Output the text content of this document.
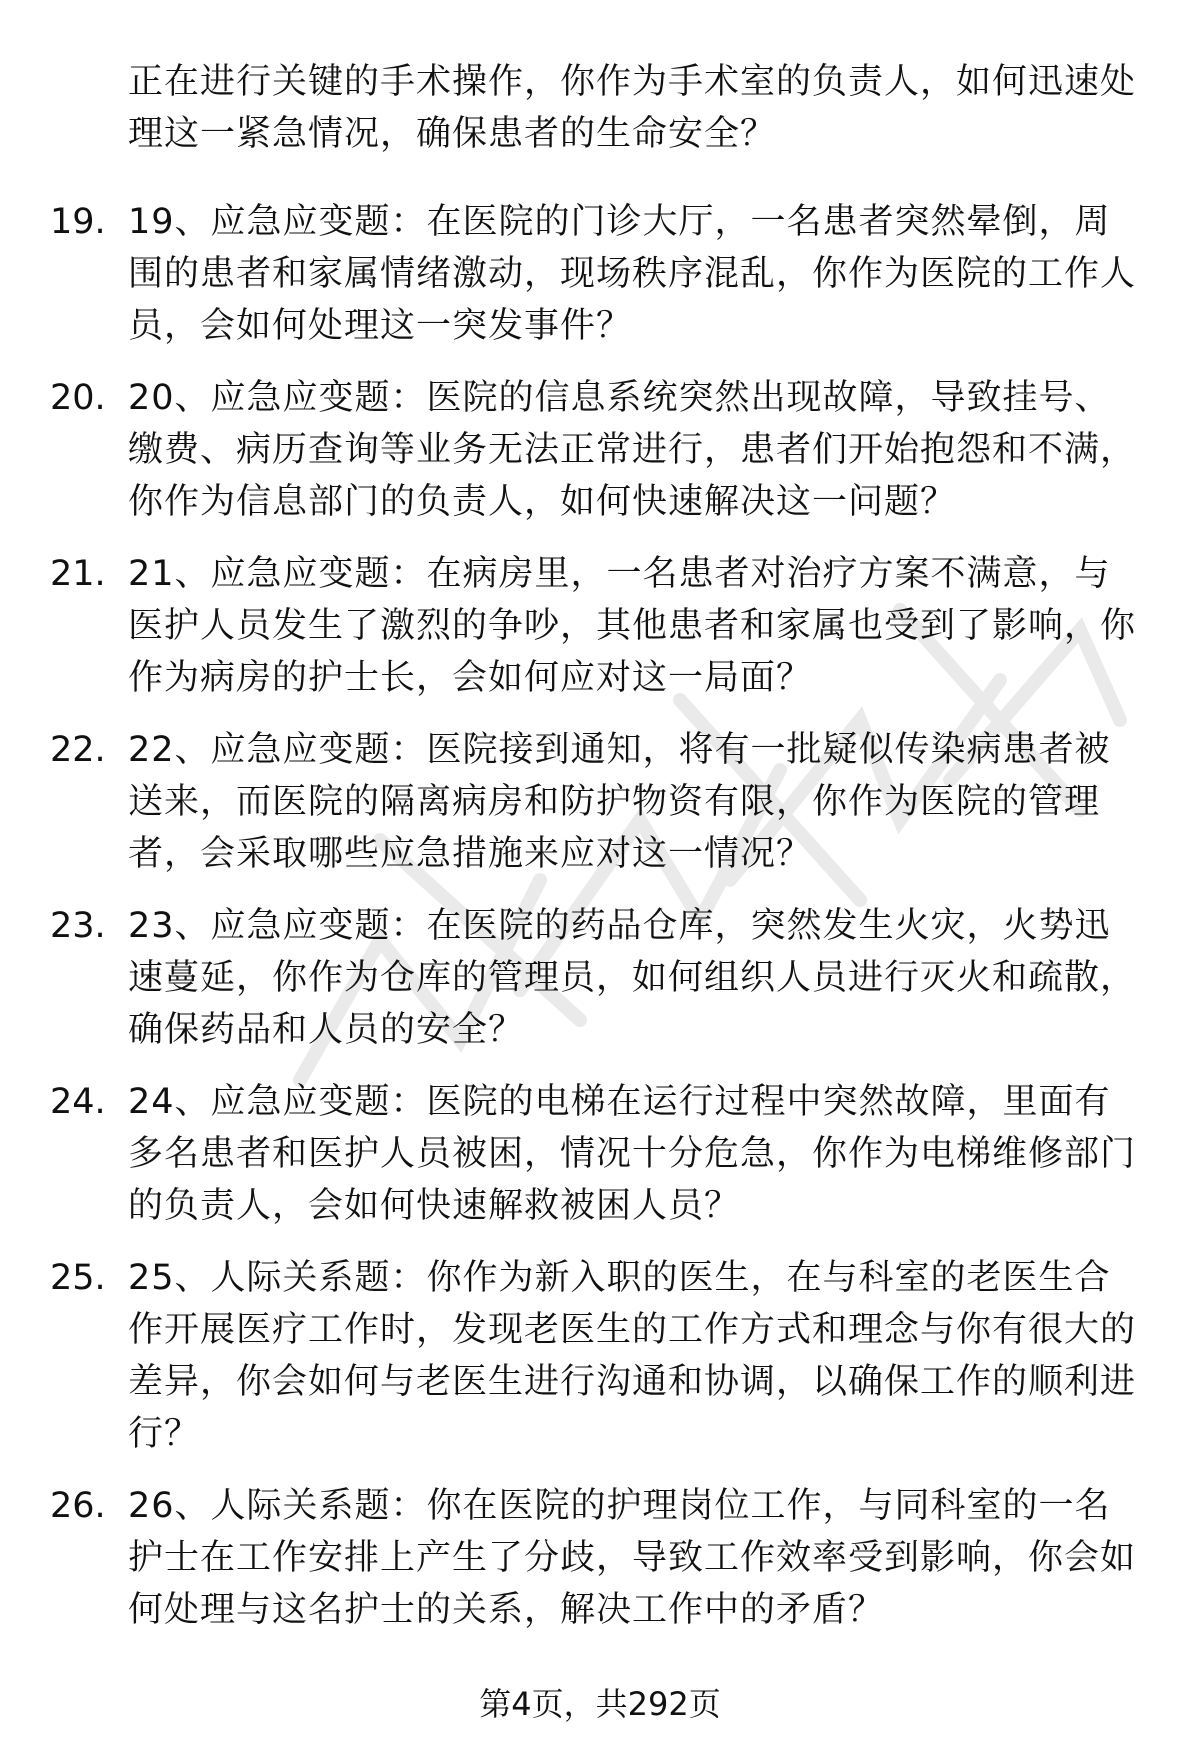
正在进行关键的手术操作，你作为手术室的负责人，如何迅速处理这一紧急情况，确保患者的生命安全？
19. 19、应急应变题：在医院的门诊大厅，一名患者突然晕倒，周围的患者和家属情绪激动，现场秩序混乱，你作为医院的工作人员，会如何处理这一突发事件？
20. 20、应急应变题：医院的信息系统突然出现故障，导致挂号、缴费、病历查询等业务无法正常进行，患者们开始抱怨和不满，你作为信息部门的负责人，如何快速解决这一问题？
21. 21、应急应变题：在病房里，一名患者对治疗方案不满意，与医护人员发生了激烈的争吵，其他患者和家属也受到了影响，你作为病房的护士长，会如何应对这一局面？
22. 22、应急应变题：医院接到通知，将有一批疑似传染病患者被送来，而医院的隔离病房和防护物资有限，你作为医院的管理者，会采取哪些应急措施来应对这一情况？
23. 23、应急应变题：在医院的药品仓库，突然发生火灾，火势迅速蔓延，你作为仓库的管理员，如何组织人员进行灭火和疏散，确保药品和人员的安全？
24. 24、应急应变题：医院的电梯在运行过程中突然故障，里面有多名患者和医护人员被困，情况十分危急，你作为电梯维修部门的负责人，会如何快速解救被困人员？
25. 25、人际关系题：你作为新入职的医生，在与科室的老医生合作开展医疗工作时，发现老医生的工作方式和理念与你有很大的差异，你会如何与老医生进行沟通和协调，以确保工作的顺利进行？
26. 26、人际关系题：你在医院的护理岗位工作，与同科室的一名护士在工作安排上产生了分歧，导致工作效率受到影响，你会如何处理与这名护士的关系，解决工作中的矛盾？
第4页，共292页
